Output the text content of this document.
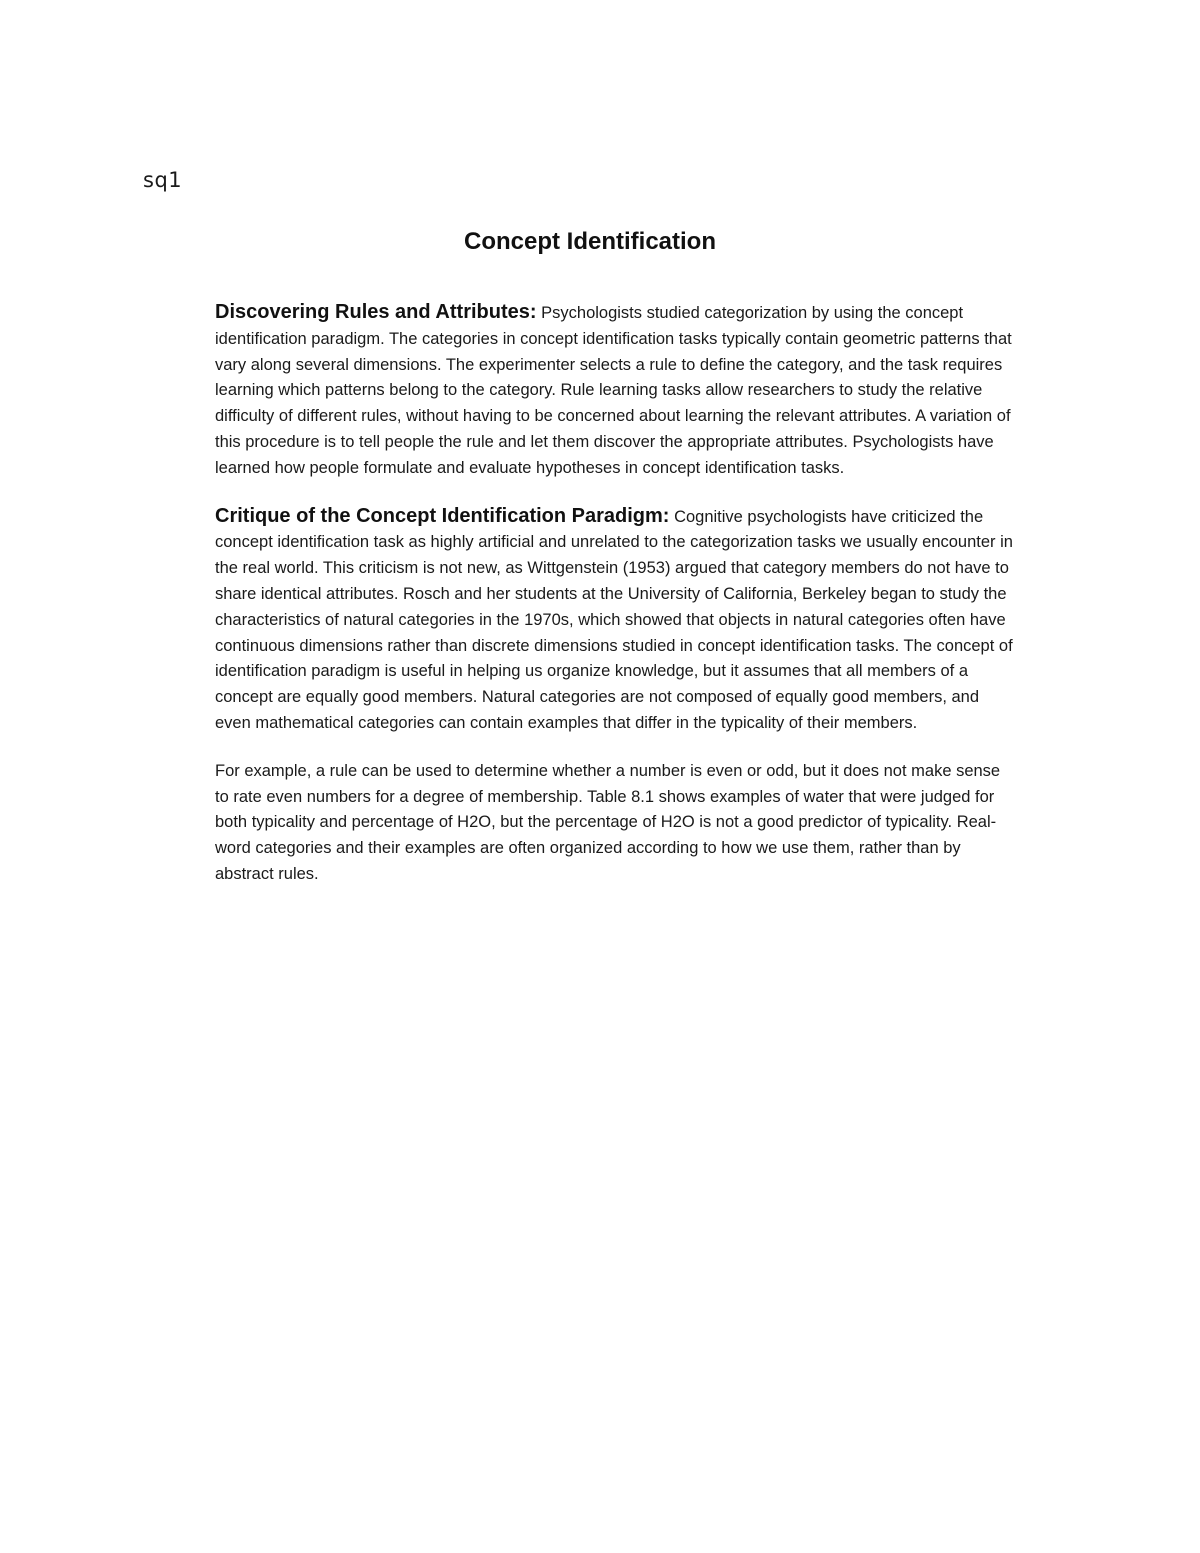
sq1
Concept Identification

Discovering Rules and Attributes: Psychologists studied categorization by using the concept identification paradigm. The categories in concept identification tasks typically contain geometric patterns that vary along several dimensions. The experimenter selects a rule to define the category, and the task requires learning which patterns belong to the category. Rule learning tasks allow researchers to study the relative difficulty of different rules, without having to be concerned about learning the relevant attributes. A variation of this procedure is to tell people the rule and let them discover the appropriate attributes. Psychologists have learned how people formulate and evaluate hypotheses in concept identification tasks.

Critique of the Concept Identification Paradigm: Cognitive psychologists have criticized the concept identification task as highly artificial and unrelated to the categorization tasks we usually encounter in the real world. This criticism is not new, as Wittgenstein (1953) argued that category members do not have to share identical attributes. Rosch and her students at the University of California, Berkeley began to study the characteristics of natural categories in the 1970s, which showed that objects in natural categories often have continuous dimensions rather than discrete dimensions studied in concept identification tasks. The concept of identification paradigm is useful in helping us organize knowledge, but it assumes that all members of a concept are equally good members. Natural categories are not composed of equally good members, and even mathematical categories can contain examples that differ in the typicality of their members.

For example, a rule can be used to determine whether a number is even or odd, but it does not make sense to rate even numbers for a degree of membership. Table 8.1 shows examples of water that were judged for both typicality and percentage of H2O, but the percentage of H2O is not a good predictor of typicality. Real-word categories and their examples are often organized according to how we use them, rather than by abstract rules.
